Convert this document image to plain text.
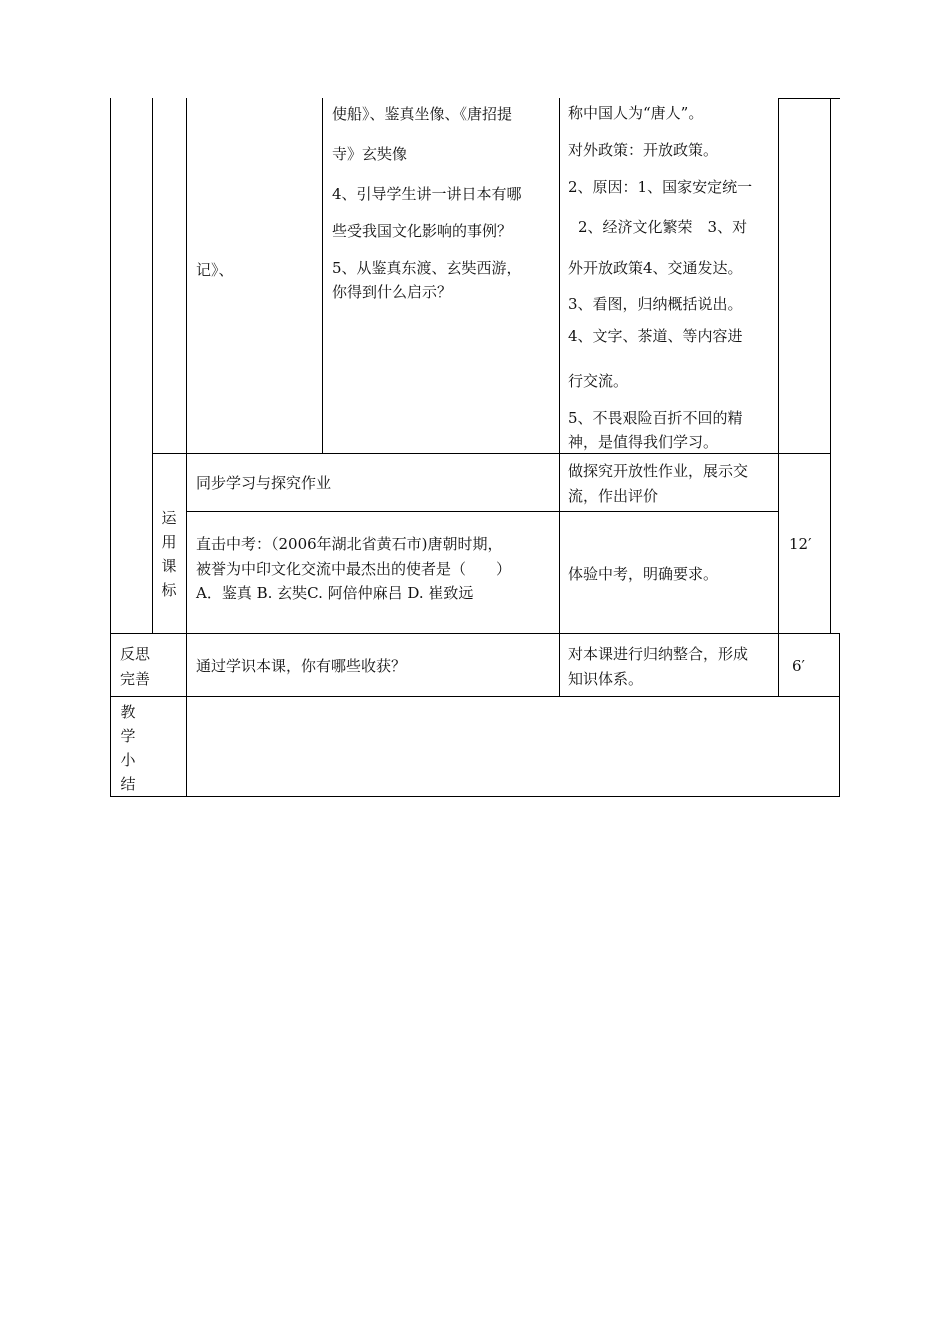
记》、
使船》、鉴真坐像、《唐招提
寺》玄奘像
4、引导学生讲一讲日本有哪
些受我国文化影响的事例？
5、从鉴真东渡、玄奘西游，
你得到什么启示？
称中国人为“唐人”。
对外政策：开放政策。
2、原因：1、国家安定统一
2、经济文化繁荣　3、对
外开放政策4、交通发达。
3、看图，归纳概括说出。
4、文字、茶道、等内容进
行交流。
5、不畏艰险百折不回的精
神，是值得我们学习。
运用课标
同步学习与探究作业
做探究开放性作业，展示交
流，作出评价
直击中考：（2006年湖北省黄石市)唐朝时期，
被誉为中印文化交流中最杰出的使者是（　　）
A．鉴真 B. 玄奘C. 阿倍仲麻吕 D. 崔致远
体验中考，明确要求。
12′
反思
完善
通过学识本课，你有哪些收获？
对本课进行归纳整合，形成
知识体系。
6′
教学小结
